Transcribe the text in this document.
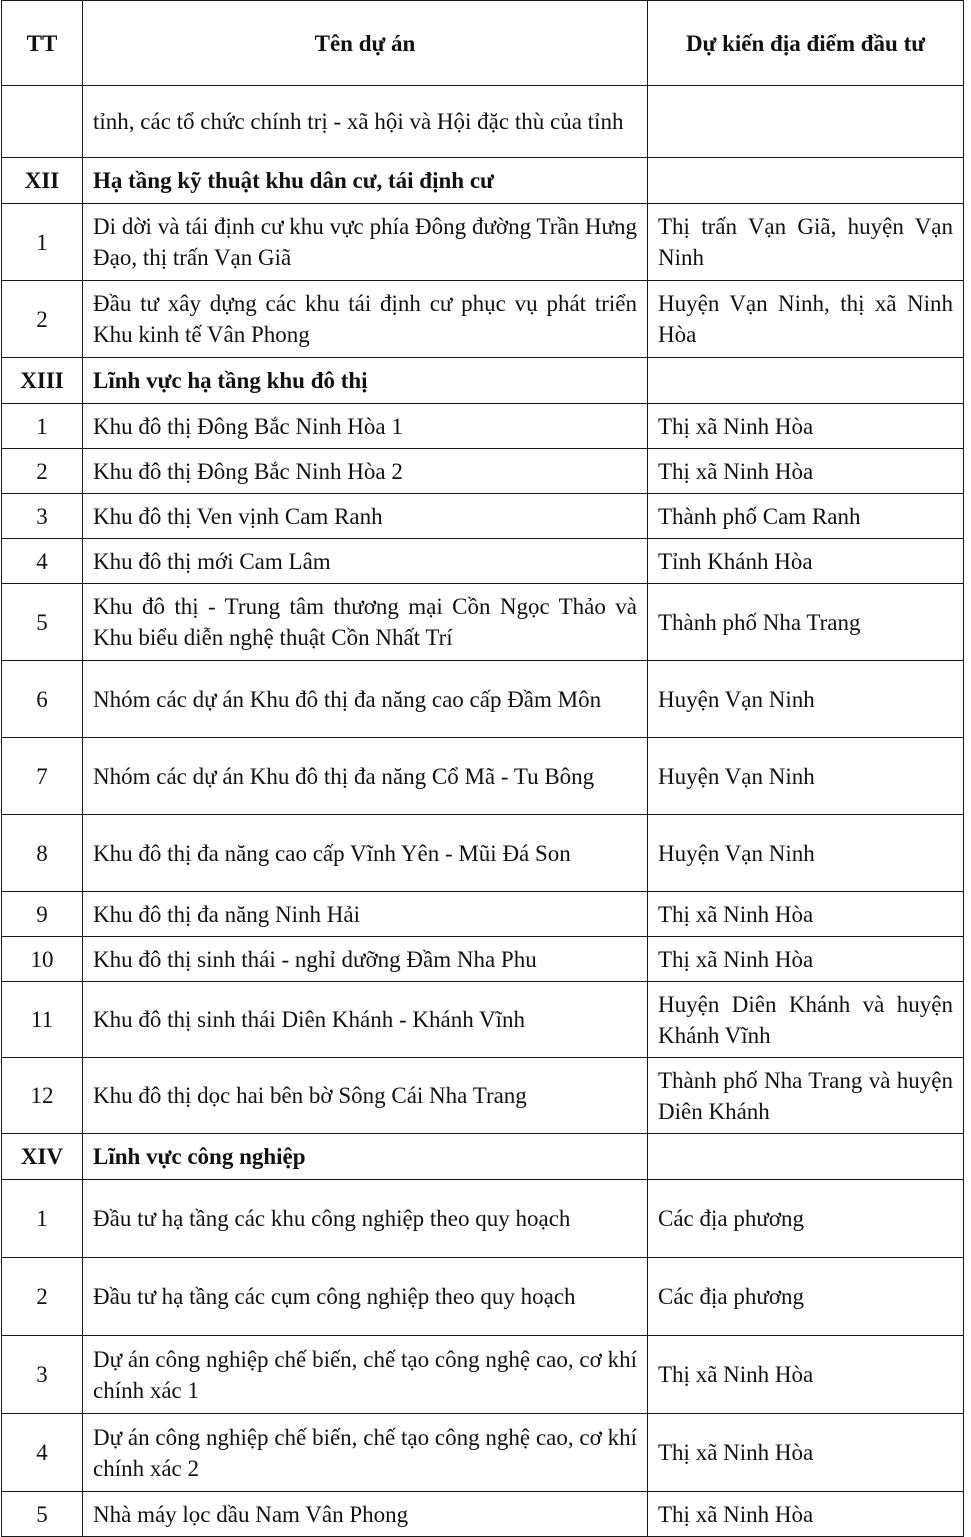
TT	Tên dự án	Dự kiến địa điểm đầu tư
	tỉnh, các tổ chức chính trị - xã hội và Hội đặc thù của tỉnh	
XII	Hạ tầng kỹ thuật khu dân cư, tái định cư	
1	Di dời và tái định cư khu vực phía Đông đường Trần Hưng Đạo, thị trấn Vạn Giã	Thị trấn Vạn Giã, huyện Vạn Ninh
2	Đầu tư xây dựng các khu tái định cư phục vụ phát triển Khu kinh tế Vân Phong	Huyện Vạn Ninh, thị xã Ninh Hòa
XIII	Lĩnh vực hạ tầng khu đô thị	
1	Khu đô thị Đông Bắc Ninh Hòa 1	Thị xã Ninh Hòa
2	Khu đô thị Đông Bắc Ninh Hòa 2	Thị xã Ninh Hòa
3	Khu đô thị Ven vịnh Cam Ranh	Thành phố Cam Ranh
4	Khu đô thị mới Cam Lâm	Tỉnh Khánh Hòa
5	Khu đô thị - Trung tâm thương mại Cồn Ngọc Thảo và Khu biểu diễn nghệ thuật Cồn Nhất Trí	Thành phố Nha Trang
6	Nhóm các dự án Khu đô thị đa năng cao cấp Đầm Môn	Huyện Vạn Ninh
7	Nhóm các dự án Khu đô thị đa năng Cổ Mã - Tu Bông	Huyện Vạn Ninh
8	Khu đô thị đa năng cao cấp Vĩnh Yên - Mũi Đá Son	Huyện Vạn Ninh
9	Khu đô thị đa năng Ninh Hải	Thị xã Ninh Hòa
10	Khu đô thị sinh thái - nghỉ dưỡng Đầm Nha Phu	Thị xã Ninh Hòa
11	Khu đô thị sinh thái Diên Khánh - Khánh Vĩnh	Huyện Diên Khánh và huyện Khánh Vĩnh
12	Khu đô thị dọc hai bên bờ Sông Cái Nha Trang	Thành phố Nha Trang và huyện Diên Khánh
XIV	Lĩnh vực công nghiệp	
1	Đầu tư hạ tầng các khu công nghiệp theo quy hoạch	Các địa phương
2	Đầu tư hạ tầng các cụm công nghiệp theo quy hoạch	Các địa phương
3	Dự án công nghiệp chế biến, chế tạo công nghệ cao, cơ khí chính xác 1	Thị xã Ninh Hòa
4	Dự án công nghiệp chế biến, chế tạo công nghệ cao, cơ khí chính xác 2	Thị xã Ninh Hòa
5	Nhà máy lọc dầu Nam Vân Phong	Thị xã Ninh Hòa
